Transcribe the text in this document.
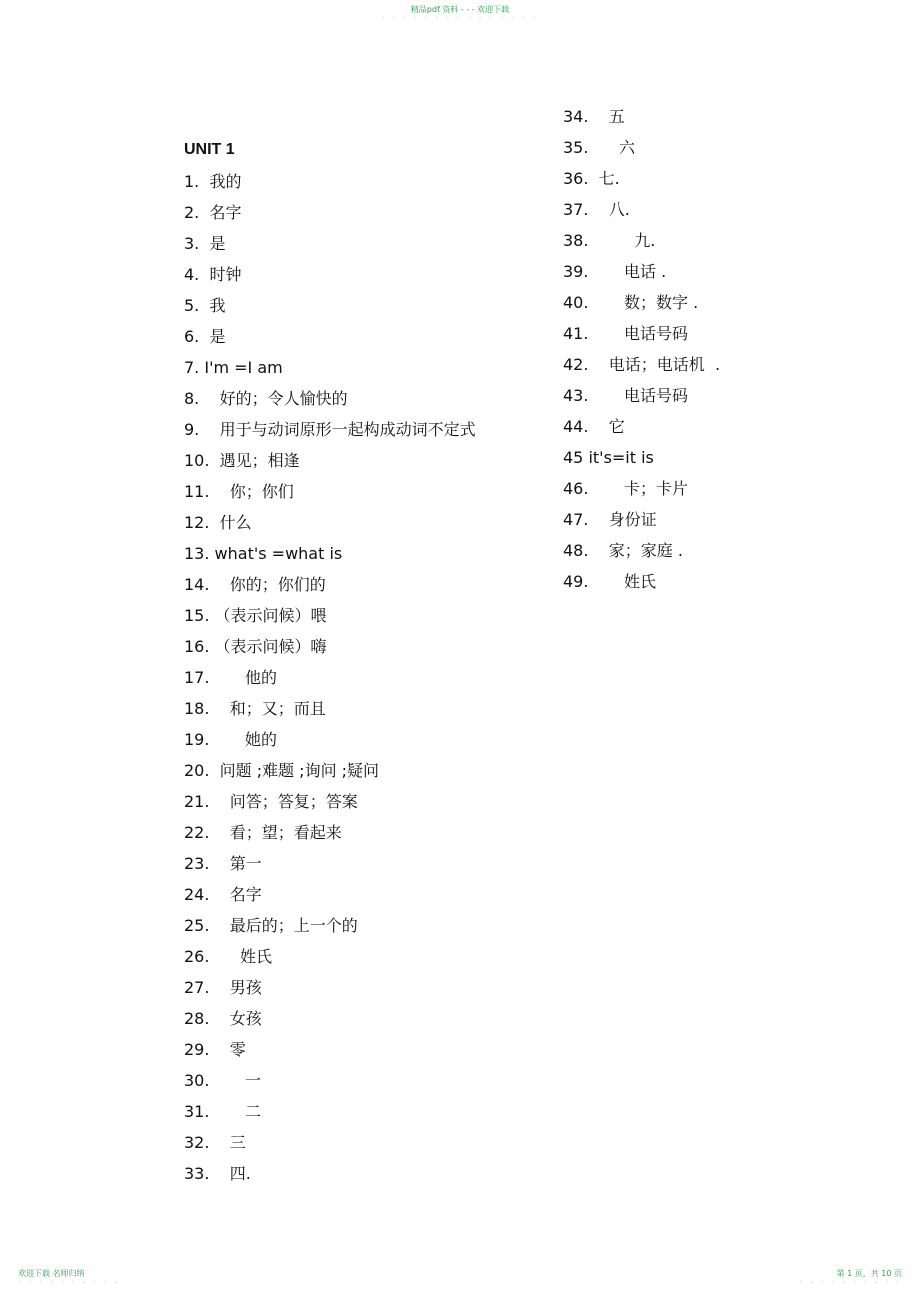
精品pdf 资料 - - - 欢迎下载
- - - - - - - - - - - - - - -
UNIT 1
1.  我的
2.  名字
3.  是
4.  时钟
5.  我
6.  是
7. I'm =I am
8.    好的；令人愉快的
9.    用于与动词原形一起构成动词不定式
10.  遇见；相逢
11.    你；你们
12.  什么
13. what's =what is
14.    你的；你们的
15. （表示问候）喂
16. （表示问候）嗨
17.       他的
18.    和；又；而且
19.       她的
20.  问题 ;难题 ;询问 ;疑问
21.    问答；答复；答案
22.    看；望；看起来
23.    第一
24.    名字
25.    最后的；上一个的
26.      姓氏
27.    男孩
28.    女孩
29.    零
30.       一
31.       二
32.    三
33.    四.
34.    五
35.      六
36.  七.
37.    八.
38.         九.
39.       电话 .
40.       数；数字 .
41.       电话号码
42.    电话；电话机  .
43.       电话号码
44.    它
45 it's=it is
46.       卡；卡片
47.    身份证
48.    家；家庭 .
49.       姓氏
欢迎下载 名师归纳
- - - - - - - - - -
第 1 页，共 10 页
- - - - - - - - - -
